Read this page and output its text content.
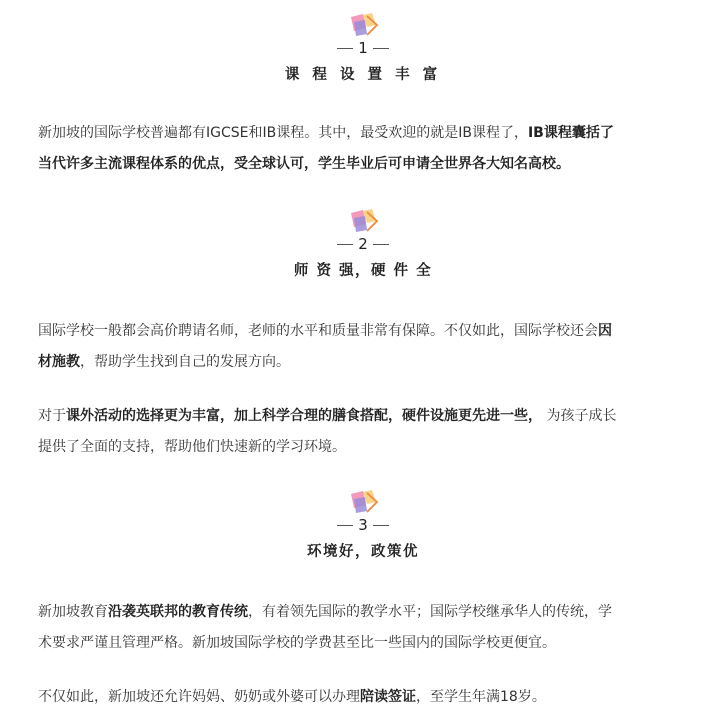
1
课 程 设 置 丰 富

新加坡的国际学校普遍都有IGCSE和IB课程。其中，最受欢迎的就是IB课程了，IB课程囊括了
当代许多主流课程体系的优点，受全球认可，学生毕业后可申请全世界各大知名高校。

2
师 资 强，硬 件 全

国际学校一般都会高价聘请名师，老师的水平和质量非常有保障。不仅如此，国际学校还会因
材施教，帮助学生找到自己的发展方向。

对于课外活动的选择更为丰富，加上科学合理的膳食搭配，硬件设施更先进一些， 为孩子成长
提供了全面的支持，帮助他们快速新的学习环境。

3
环境好，政策优

新加坡教育沿袭英联邦的教育传统，有着领先国际的教学水平；国际学校继承华人的传统，学
术要求严谨且管理严格。新加坡国际学校的学费甚至比一些国内的国际学校更便宜。

不仅如此，新加坡还允许妈妈、奶奶或外婆可以办理陪读签证，至学生年满18岁。
